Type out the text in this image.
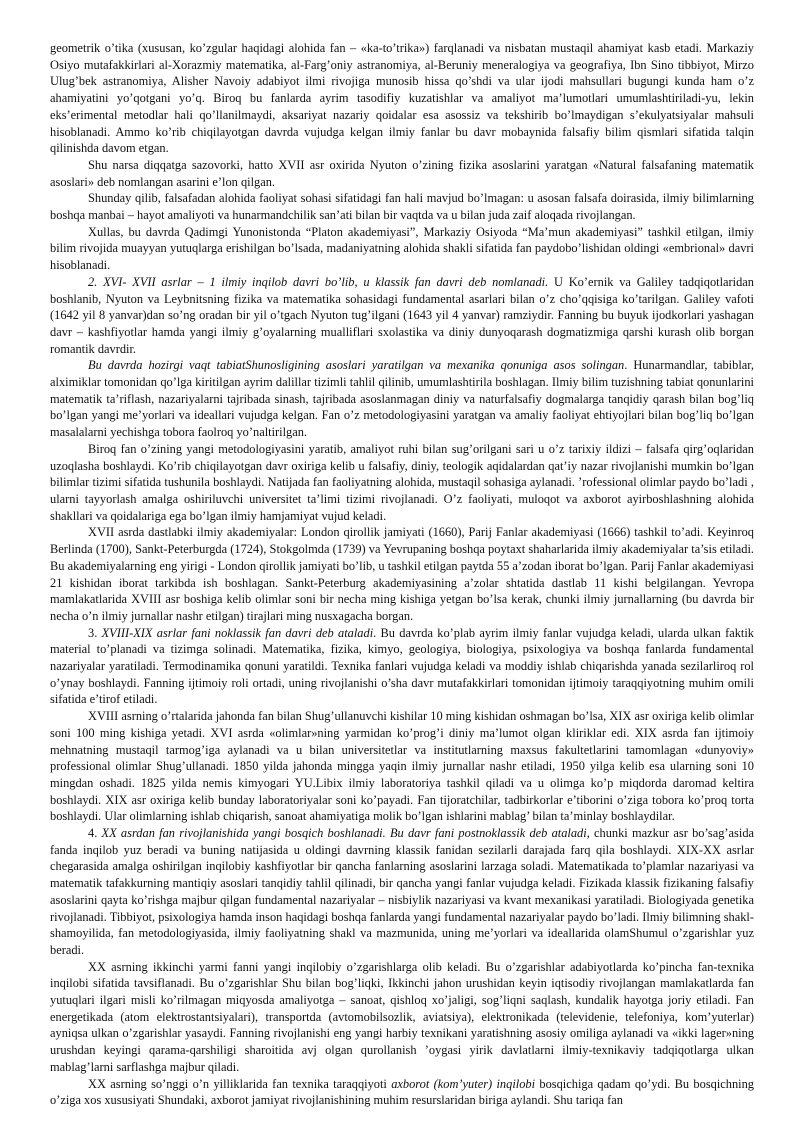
geometrik o’tika (xususan, ko’zgular haqidagi alohida fan – «ka-to’trika») farqlanadi va nisbatan mustaqil ahamiyat kasb etadi. Markaziy Osiyo mutafakkirlari al-Xorazmiy matematika, al-Farg’oniy astranomiya, al-Beruniy meneralogiya va geografiya, Ibn Sino tibbiyot, Mirzo Ulug’bek astranomiya, Alisher Navoiy adabiyot ilmi rivojiga munosib hissa qo’shdi va ular ijodi mahsullari bugungi kunda ham o’z ahamiyatini yo’qotgani yo’q. Biroq bu fanlarda ayrim tasodifiy kuzatishlar va amaliyot ma’lumotlari umumlashtiriladi-yu, lekin eks’erimental metodlar hali qo’llanilmaydi, aksariyat nazariy qoidalar esa asossiz va tekshirib bo’lmaydigan s’ekulyatsiyalar mahsuli hisoblanadi. Ammo ko’rib chiqilayotgan davrda vujudga kelgan ilmiy fanlar bu davr mobaynida falsafiy bilim qismlari sifatida talqin qilinishda davom etgan.

Shu narsa diqqatga sazovorki, hatto XVII asr oxirida Nyuton o’zining fizika asoslarini yaratgan «Natural falsafaning matematik asoslari» deb nomlangan asarini e’lon qilgan.

Shunday qilib, falsafadan alohida faoliyat sohasi sifatidagi fan hali mavjud bo’lmagan: u asosan falsafa doirasida, ilmiy bilimlarning boshqa manbai – hayot amaliyoti va hunarmandchilik san’ati bilan bir vaqtda va u bilan juda zaif aloqada rivojlangan.

Xullas, bu davrda Qadimgi Yunonistonda “Platon akademiyasi”, Markaziy Osiyoda “Ma’mun akademiyasi” tashkil etilgan, ilmiy bilim rivojida muayyan yutuqlarga erishilgan bo’lsada, madaniyatning alohida shakli sifatida fan paydobo’lishidan oldingi «embrional» davri hisoblanadi.

2. XVI- XVII asrlar – 1 ilmiy inqilob davri bo’lib, u klassik fan davri deb nomlanadi. U Ko’ernik va Galiley tadqiqotlaridan boshlanib, Nyuton va Leybnitsning fizika va matematika sohasidagi fundamental asarlari bilan o’z cho’qqisiga ko’tarilgan. Galiley vafoti (1642 yil 8 yanvar)dan so’ng oradan bir yil o’tgach Nyuton tug’ilgani (1643 yil 4 yanvar) ramziydir. Fanning bu buyuk ijodkorlari yashagan davr – kashfiyotlar hamda yangi ilmiy g’oyalarning mualliflari sxolastika va diniy dunyoqarash dogmatizmiga qarshi kurash olib borgan romantik davrdir.

Bu davrda hozirgi vaqt tabiatShunosligining asoslari yaratilgan va mexanika qonuniga asos solingan. Hunarmandlar, tabiblar, alximiklar tomonidan qo’lga kiritilgan ayrim dalillar tizimli tahlil qilinib, umumlashtirila boshlagan. Ilmiy bilim tuzishning tabiat qonunlarini matematik ta’riflash, nazariyalarni tajribada sinash, tajribada asoslanmagan diniy va naturfalsafiy dogmalarga tanqidiy qarash bilan bog’liq bo’lgan yangi me’yorlari va ideallari vujudga kelgan. Fan o’z metodologiyasini yaratgan va amaliy faoliyat ehtiyojlari bilan bog’liq bo’lgan masalalarni yechishga tobora faolroq yo’naltirilgan.

Biroq fan o’zining yangi metodologiyasini yaratib, amaliyot ruhi bilan sug’orilgani sari u o’z tarixiy ildizi – falsafa qirg’oqlaridan uzoqlasha boshlaydi. Ko’rib chiqilayotgan davr oxiriga kelib u falsafiy, diniy, teologik aqidalardan qat’iy nazar rivojlanishi mumkin bo’lgan bilimlar tizimi sifatida tushunila boshlaydi. Natijada fan faoliyatning alohida, mustaqil sohasiga aylanadi. ’rofessional olimlar paydo bo’ladi , ularni tayyorlash amalga oshiriluvchi universitet ta’limi tizimi rivojlanadi. O’z faoliyati, muloqot va axborot ayirboshlashning alohida shakllari va qoidalariga ega bo’lgan ilmiy hamjamiyat vujud keladi.

XVII asrda dastlabki ilmiy akademiyalar: London qirollik jamiyati (1660), Parij Fanlar akademiyasi (1666) tashkil to’adi. Keyinroq Berlinda (1700), Sankt-Peterburgda (1724), Stokgolmda (1739) va Yevrupaning boshqa poytaxt shaharlarida ilmiy akademiyalar ta’sis etiladi. Bu akademiyalarning eng yirigi - London qirollik jamiyati bo’lib, u tashkil etilgan paytda 55 a’zodan iborat bo’lgan. Parij Fanlar akademiyasi 21 kishidan iborat tarkibda ish boshlagan. Sankt-Peterburg akademiyasining a’zolar shtatida dastlab 11 kishi belgilangan. Yevropa mamlakatlarida XVIII asr boshiga kelib olimlar soni bir necha ming kishiga yetgan bo’lsa kerak, chunki ilmiy jurnallarning (bu davrda bir necha o’n ilmiy jurnallar nashr etilgan) tirajlari ming nusxagacha borgan.

3. XVIII-XIX asrlar fani noklassik fan davri deb ataladi. Bu davrda ko’plab ayrim ilmiy fanlar vujudga keladi, ularda ulkan faktik material to’planadi va tizimga solinadi. Matematika, fizika, kimyo, geologiya, biologiya, psixologiya va boshqa fanlarda fundamental nazariyalar yaratiladi. Termodinamika qonuni yaratildi. Texnika fanlari vujudga keladi va moddiy ishlab chiqarishda yanada sezilarliroq rol o’ynay boshlaydi. Fanning ijtimoiy roli ortadi, uning rivojlanishi o’sha davr mutafakkirlari tomonidan ijtimoiy taraqqiyotning muhim omili sifatida e’tirof etiladi.

XVIII asrning o’rtalarida jahonda fan bilan Shug’ullanuvchi kishilar 10 ming kishidan oshmagan bo’lsa, XIX asr oxiriga kelib olimlar soni 100 ming kishiga yetadi. XVI asrda «olimlar»ning yarmidan ko’prog’i diniy ma’lumot olgan kliriklar edi. XIX asrda fan ijtimoiy mehnatning mustaqil tarmog’iga aylanadi va u bilan universitetlar va institutlarning maxsus fakultetlarini tamomlagan «dunyoviy» professional olimlar Shug’ullanadi. 1850 yilda jahonda mingga yaqin ilmiy jurnallar nashr etiladi, 1950 yilga kelib esa ularning soni 10 mingdan oshadi. 1825 yilda nemis kimyogari YU.Libix ilmiy laboratoriya tashkil qiladi va u olimga ko’p miqdorda daromad keltira boshlaydi. XIX asr oxiriga kelib bunday laboratoriyalar soni ko’payadi. Fan tijoratchilar, tadbirkorlar e’tiborini o’ziga tobora ko’proq torta boshlaydi. Ular olimlarning ishlab chiqarish, sanoat ahamiyatiga molik bo’lgan ishlarini mablag’ bilan ta’minlay boshlaydilar.

4. XX asrdan fan rivojlanishida yangi bosqich boshlanadi. Bu davr fani postnoklassik deb ataladi, chunki mazkur asr bo’sag’asida fanda inqilob yuz beradi va buning natijasida u oldingi davrning klassik fanidan sezilarli darajada farq qila boshlaydi. XIX-XX asrlar chegarasida amalga oshirilgan inqilobiy kashfiyotlar bir qancha fanlarning asoslarini larzaga soladi. Matematikada to’plamlar nazariyasi va matematik tafakkurning mantiqiy asoslari tanqidiy tahlil qilinadi, bir qancha yangi fanlar vujudga keladi. Fizikada klassik fizikaning falsafiy asoslarini qayta ko’rishga majbur qilgan fundamental nazariyalar – nisbiylik nazariyasi va kvant mexanikasi yaratiladi. Biologiyada genetika rivojlanadi. Tibbiyot, psixologiya hamda inson haqidagi boshqa fanlarda yangi fundamental nazariyalar paydo bo’ladi. Ilmiy bilimning shakl-shamoyilida, fan metodologiyasida, ilmiy faoliyatning shakl va mazmunida, uning me’yorlari va ideallarida olamShumul o’zgarishlar yuz beradi.

XX asrning ikkinchi yarmi fanni yangi inqilobiy o’zgarishlarga olib keladi. Bu o’zgarishlar adabiyotlarda ko’pincha fan-texnika inqilobi sifatida tavsiflanadi. Bu o’zgarishlar Shu bilan bog’liqki, Ikkinchi jahon urushidan keyin iqtisodiy rivojlangan mamlakatlarda fan yutuqlari ilgari misli ko’rilmagan miqyosda amaliyotga – sanoat, qishloq xo’jaligi, sog’liqni saqlash, kundalik hayotga joriy etiladi. Fan energetikada (atom elektrostantsiyalari), transportda (avtomobilsozlik, aviatsiya), elektronikada (televidenie, telefoniya, kom’yuterlar) ayniqsa ulkan o’zgarishlar yasaydi. Fanning rivojlanishi eng yangi harbiy texnikani yaratishning asosiy omiliga aylanadi va «ikki lager»ning urushdan keyingi qarama-qarshiligi sharoitida avj olgan qurollanish ’oygasi yirik davlatlarni ilmiy-texnikaviy tadqiqotlarga ulkan mablag’larni sarflashga majbur qiladi.

XX asrning so’nggi o’n yilliklarida fan texnika taraqqiyoti axborot (kom’yuter) inqilobi bosqichiga qadam qo’ydi. Bu bosqichning o’ziga xos xususiyati Shundaki, axborot jamiyat rivojlanishining muhim resurslaridan biriga aylandi. Shu tariqa fan
